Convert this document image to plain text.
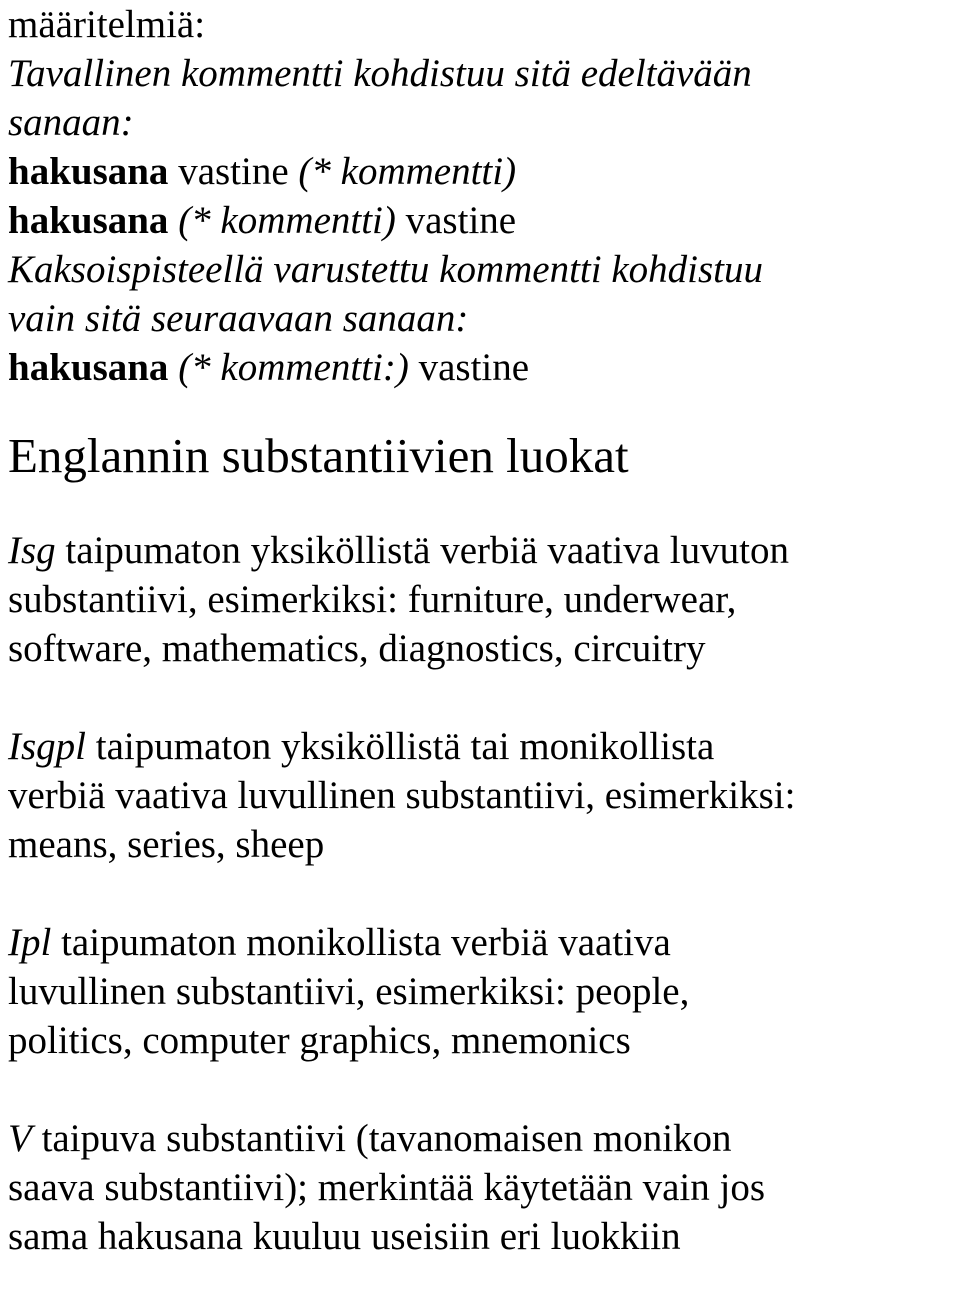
määritelmiä:
Tavallinen kommentti kohdistuu sitä edeltävään
sanaan:
hakusana vastine (* kommentti)
hakusana (* kommentti) vastine
Kaksoispisteellä varustettu kommentti kohdistuu
vain sitä seuraavaan sanaan:
hakusana (* kommentti:) vastine
Englannin substantiivien luokat
Isg taipumaton yksiköllistä verbiä vaativa luvuton
substantiivi, esimerkiksi: furniture, underwear,
software, mathematics, diagnostics, circuitry
Isgpl taipumaton yksiköllistä tai monikollista
verbiä vaativa luvullinen substantiivi, esimerkiksi:
means, series, sheep
Ipl taipumaton monikollista verbiä vaativa
luvullinen substantiivi, esimerkiksi: people,
politics, computer graphics, mnemonics
V taipuva substantiivi (tavanomaisen monikon
saava substantiivi); merkintää käytetään vain jos
sama hakusana kuuluu useisiin eri luokkiin
